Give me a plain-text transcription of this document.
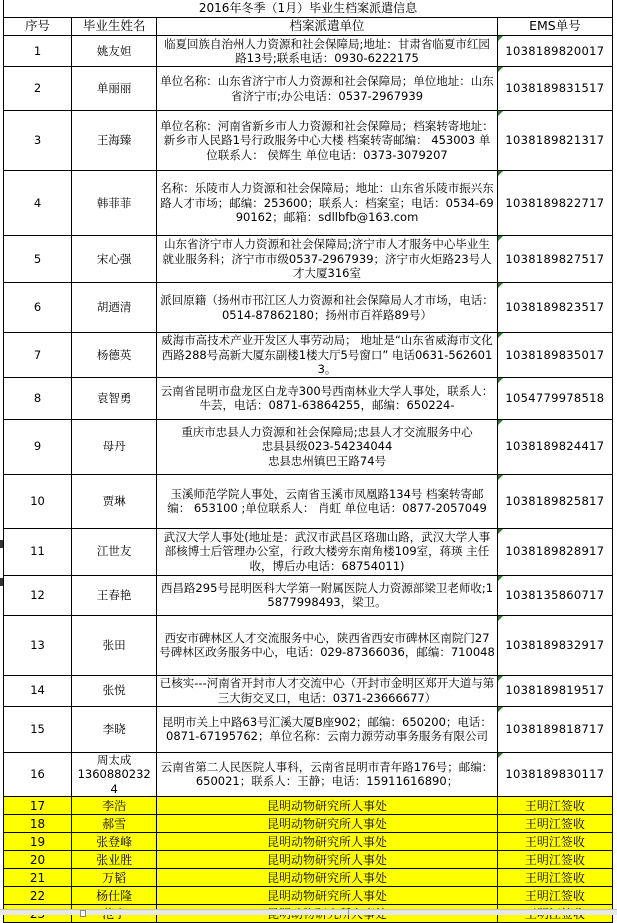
2016年冬季（1月）毕业生档案派遣信息			
序号	毕业生姓名	档案派遣单位	EMS单号
1	姚友妲	临夏回族自治州人力资源和社会保障局;地址：甘肃省临夏市红园路13号;联系电话：0930-6222175	1038189820017

2	单丽丽	单位名称：山东省济宁市人力资源和社会保障局；单位地址：山东省济宁市;办公电话：0537-2967939	1038189831517

3	王海臻	单位名称：河南省新乡市人力资源和社会保障局；档案转寄地址： 新乡市人民路1号行政服务中心大楼 档案转寄邮编： 453003 单位联系人： 侯辉生 单位电话：0373-3079207	1038189821317

4	韩菲菲	名称：乐陵市人力资源和社会保障局；地址：山东省乐陵市振兴东路人才市场；邮编：253600；联系人：档案室；电话：0534-6990162；邮箱：sdllbfb@163.com	1038189822717

5	宋心强	山东省济宁市人力资源和社会保障局;济宁市人才服务中心毕业生就业服务科；济宁市市级0537-2967939；济宁市火炬路23号人才大厦316室	1038189827517

6	胡迺清	派回原籍（扬州市邗江区人力资源和社会保障局人才市场，电话：0514-87862180；扬州市百祥路89号）	1038189823517

7	杨德英	威海市高技术产业开发区人事劳动局； 地址是“山东省威海市文化西路288号高新大厦东副楼1楼大厅5号窗口” 电话0631-5626013。	1038189835017

8	袁智勇	云南省昆明市盘龙区白龙寺300号西南林业大学人事处，联系人：牛芸，电话：0871-63864255，邮编：650224-	1054779978518

9	母丹	重庆市忠县人力资源和社会保障局;忠县人才交流服务中心
忠县县级023-54234044
忠县忠州镇巴王路74号	1038189824417

10	贾琳	玉溪师范学院人事处，云南省玉溪市凤凰路134号 档案转寄邮编： 653100 ;单位联系人： 肖虹 单位电话：0877-2057049	1038189825817

11	江世友	武汉大学人事处(地址是：武汉市武昌区珞珈山路，武汉大学人事部核博士后管理办公室，行政大楼旁东南角楼109室，蒋瑛 主任收，博后办电话：68754011)	1038189828917

12	王春艳	西昌路295号昆明医科大学第一附属医院人力资源部梁卫老师收;15877998493，梁卫。	1038135860717

13	张田	西安市碑林区人才交流服务中心，陕西省西安市碑林区南院门27号碑林区政务服务中心，电话：029-87366036，邮编：710048	1038189832917

14	张悦	已核实---河南省开封市人才交流中心（开封市金明区郑开大道与第三大街交叉口，电话：0371-23666677）	1038189819517

15	李晓	昆明市关上中路63号汇溪大厦B座902；邮编：650200；电话：0871-67195762；单位名称：云南力源劳动事务服务有限公司	1038189818717

16	周太成
13608802324	云南省第二人民医院人事科，云南省昆明市青年路176号；邮编：650021；联系人：王静；电话：15911616890；	1038189830117

17	李浩	昆明动物研究所人事处	王明江签收
18	郝雪	昆明动物研究所人事处	王明江签收
19	张登峰	昆明动物研究所人事处	王明江签收
20	张业胜	昆明动物研究所人事处	王明江签收
21	万韬	昆明动物研究所人事处	王明江签收
22	杨仕隆	昆明动物研究所人事处	王明江签收
